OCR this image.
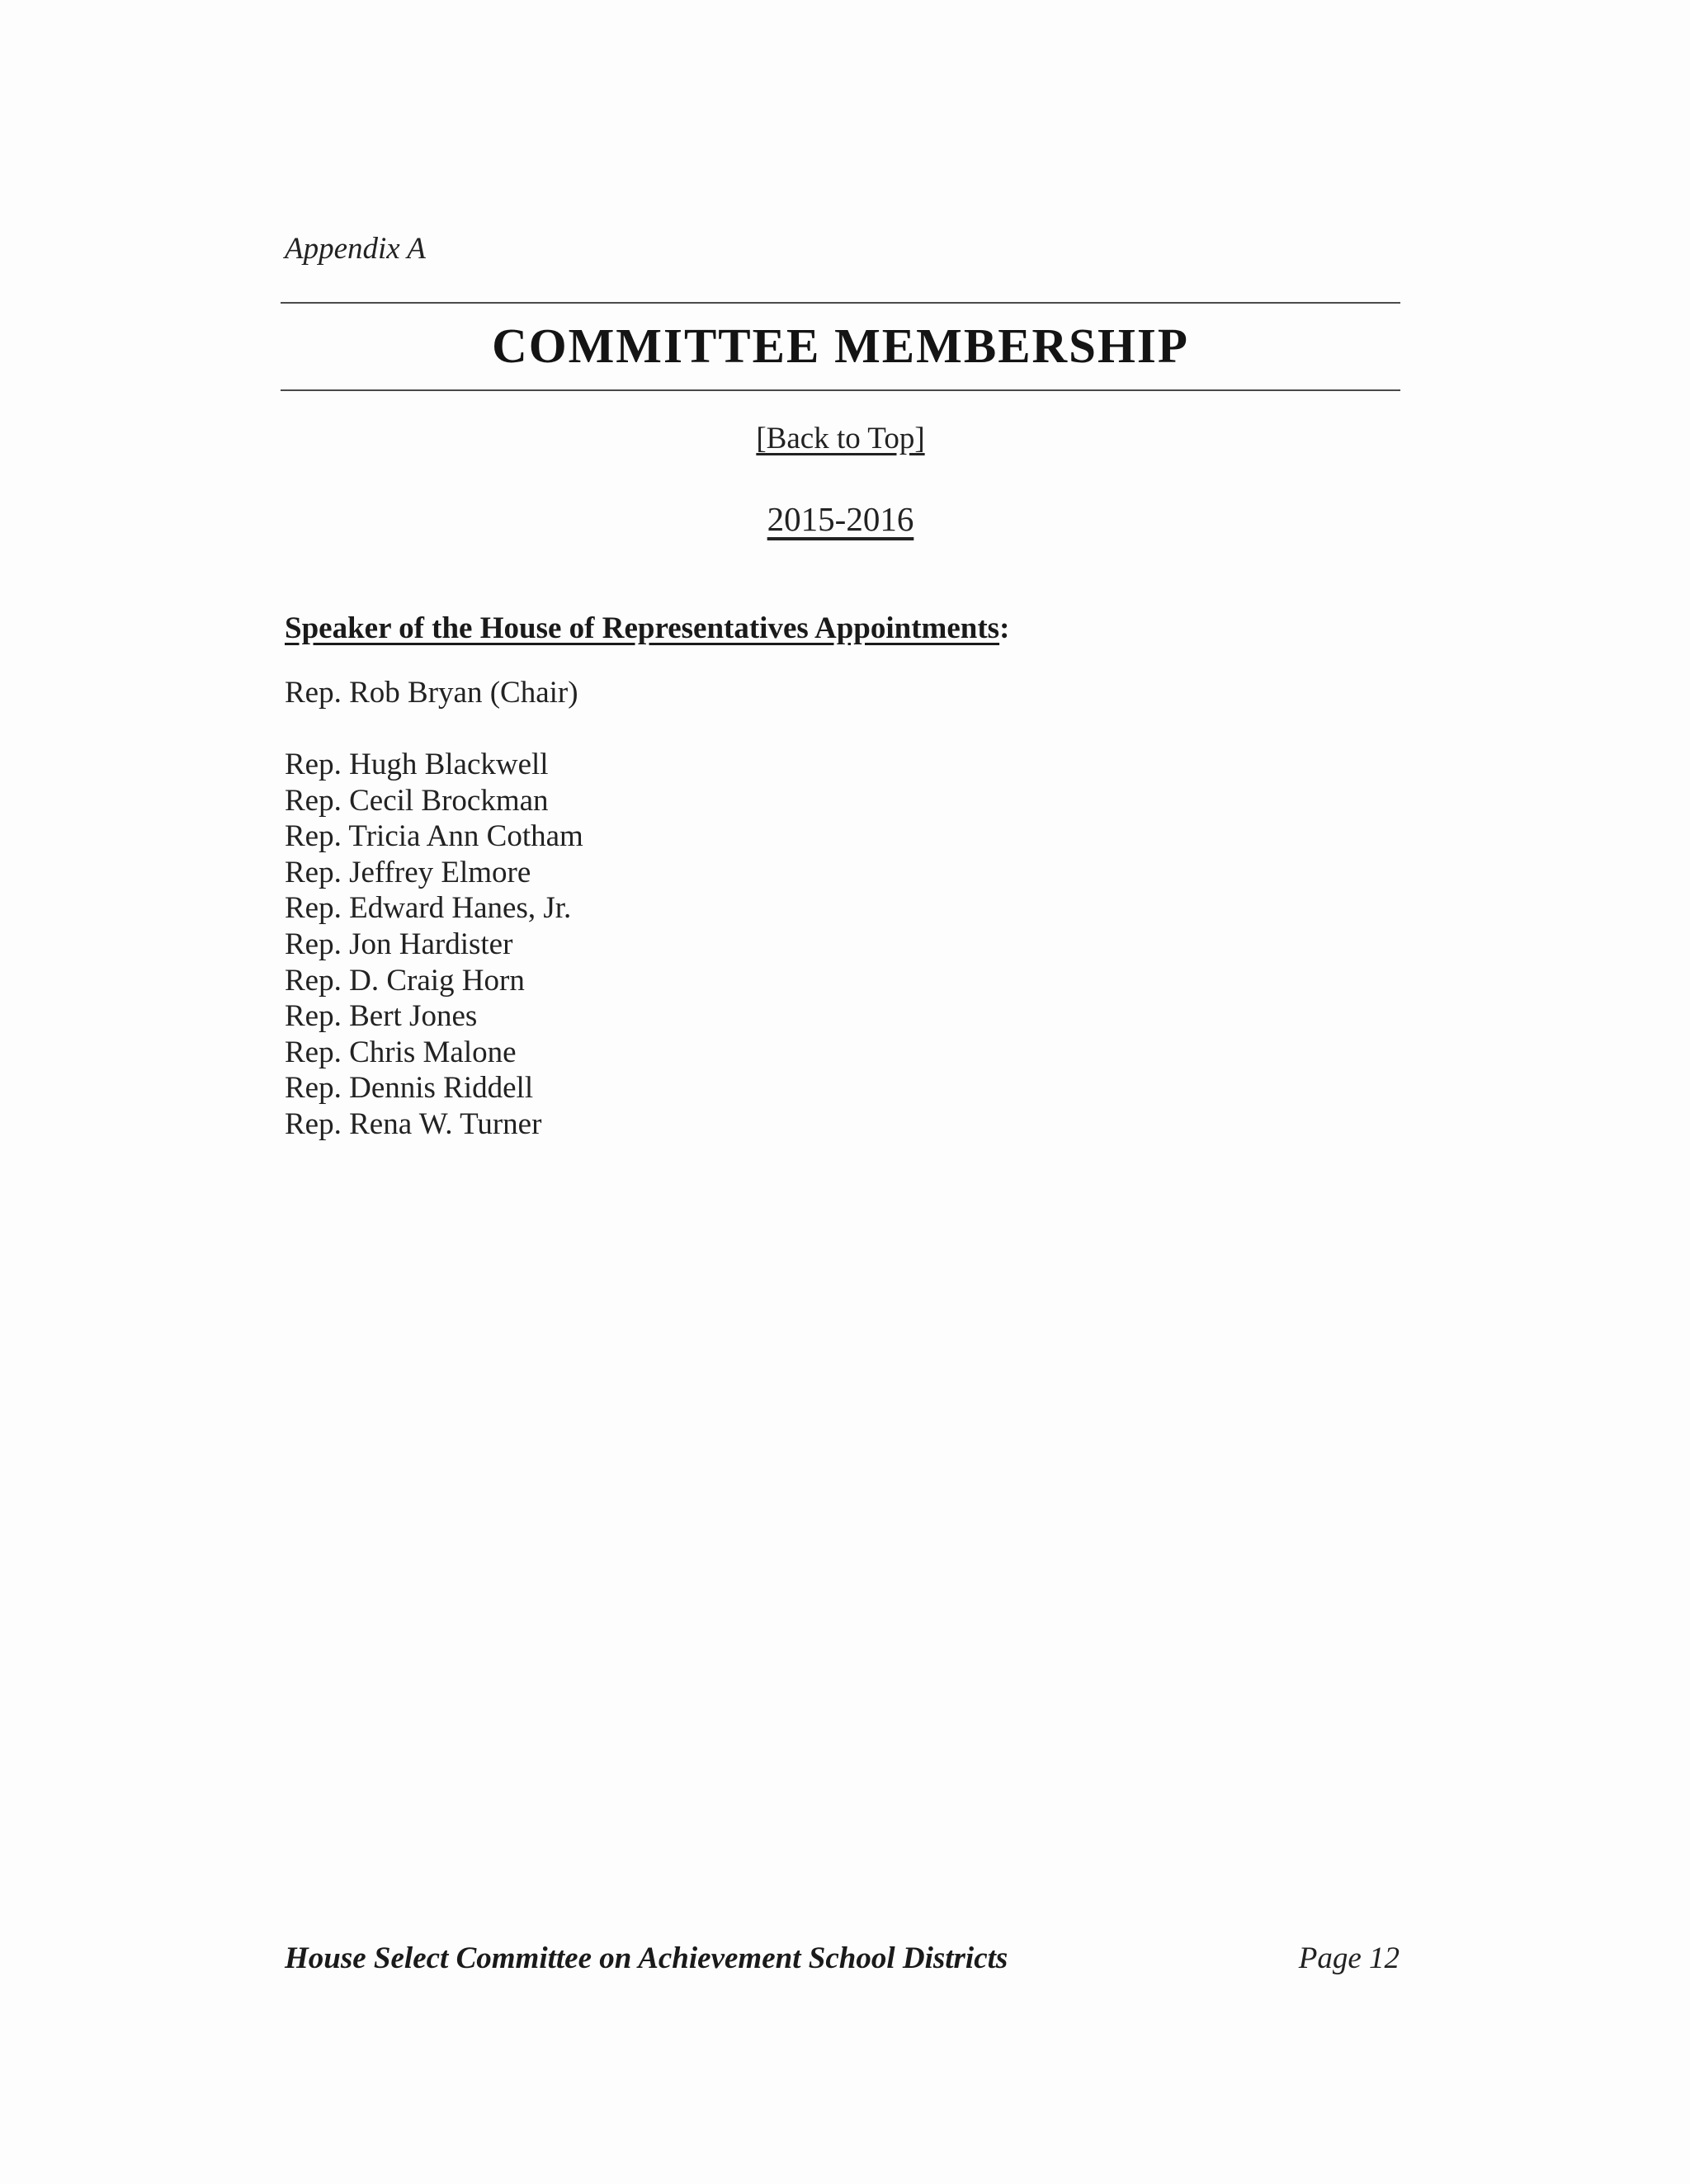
Appendix A
COMMITTEE MEMBERSHIP
[Back to Top]
2015-2016
Speaker of the House of Representatives Appointments:
Rep. Rob Bryan (Chair)
Rep. Hugh Blackwell
Rep. Cecil Brockman
Rep. Tricia Ann Cotham
Rep. Jeffrey Elmore
Rep. Edward Hanes, Jr.
Rep. Jon Hardister
Rep. D. Craig Horn
Rep. Bert Jones
Rep. Chris Malone
Rep. Dennis Riddell
Rep. Rena W. Turner
House Select Committee on Achievement School Districts	Page 12
